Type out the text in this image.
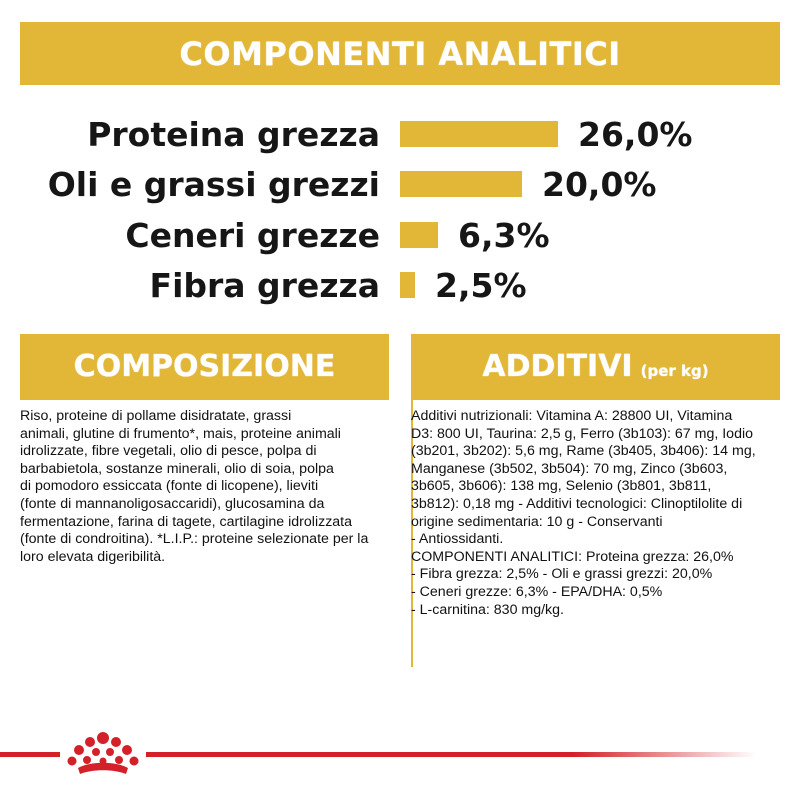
COMPONENTI ANALITICI
Proteina grezza	26,0%
Oli e grassi grezzi	20,0%
Ceneri grezze 6,3%
Fibra grezza 2,5%
COMPOSIZIONE
Riso, proteine di pollame disidratate, grassi
animali, glutine di frumento*, mais, proteine animali
idrolizzate, fibre vegetali, olio di pesce, polpa di
barbabietola, sostanze minerali, olio di soia, polpa
di pomodoro essiccata (fonte di licopene), lieviti
(fonte di mannanoligosaccaridi), glucosamina da
fermentazione, farina di tagete, cartilagine idrolizzata
(fonte di condroitina). *L.I.P.: proteine selezionate per la
loro elevata digeribilità.
ADDITIVI (per kg)
Additivi nutrizionali: Vitamina A: 28800 UI, Vitamina
D3: 800 UI, Taurina: 2,5 g, Ferro (3b103): 67 mg, Iodio
(3b201, 3b202): 5,6 mg, Rame (3b405, 3b406): 14 mg,
Manganese (3b502, 3b504): 70 mg, Zinco (3b603,
3b605, 3b606): 138 mg, Selenio (3b801, 3b811,
3b812): 0,18 mg - Additivi tecnologici: Clinoptilolite di
origine sedimentaria: 10 g - Conservanti
- Antiossidanti.
COMPONENTI ANALITICI: Proteina grezza: 26,0%
- Fibra grezza: 2,5% - Oli e grassi grezzi: 20,0%
- Ceneri grezze: 6,3% - EPA/DHA: 0,5%
- L-carnitina: 830 mg/kg.
